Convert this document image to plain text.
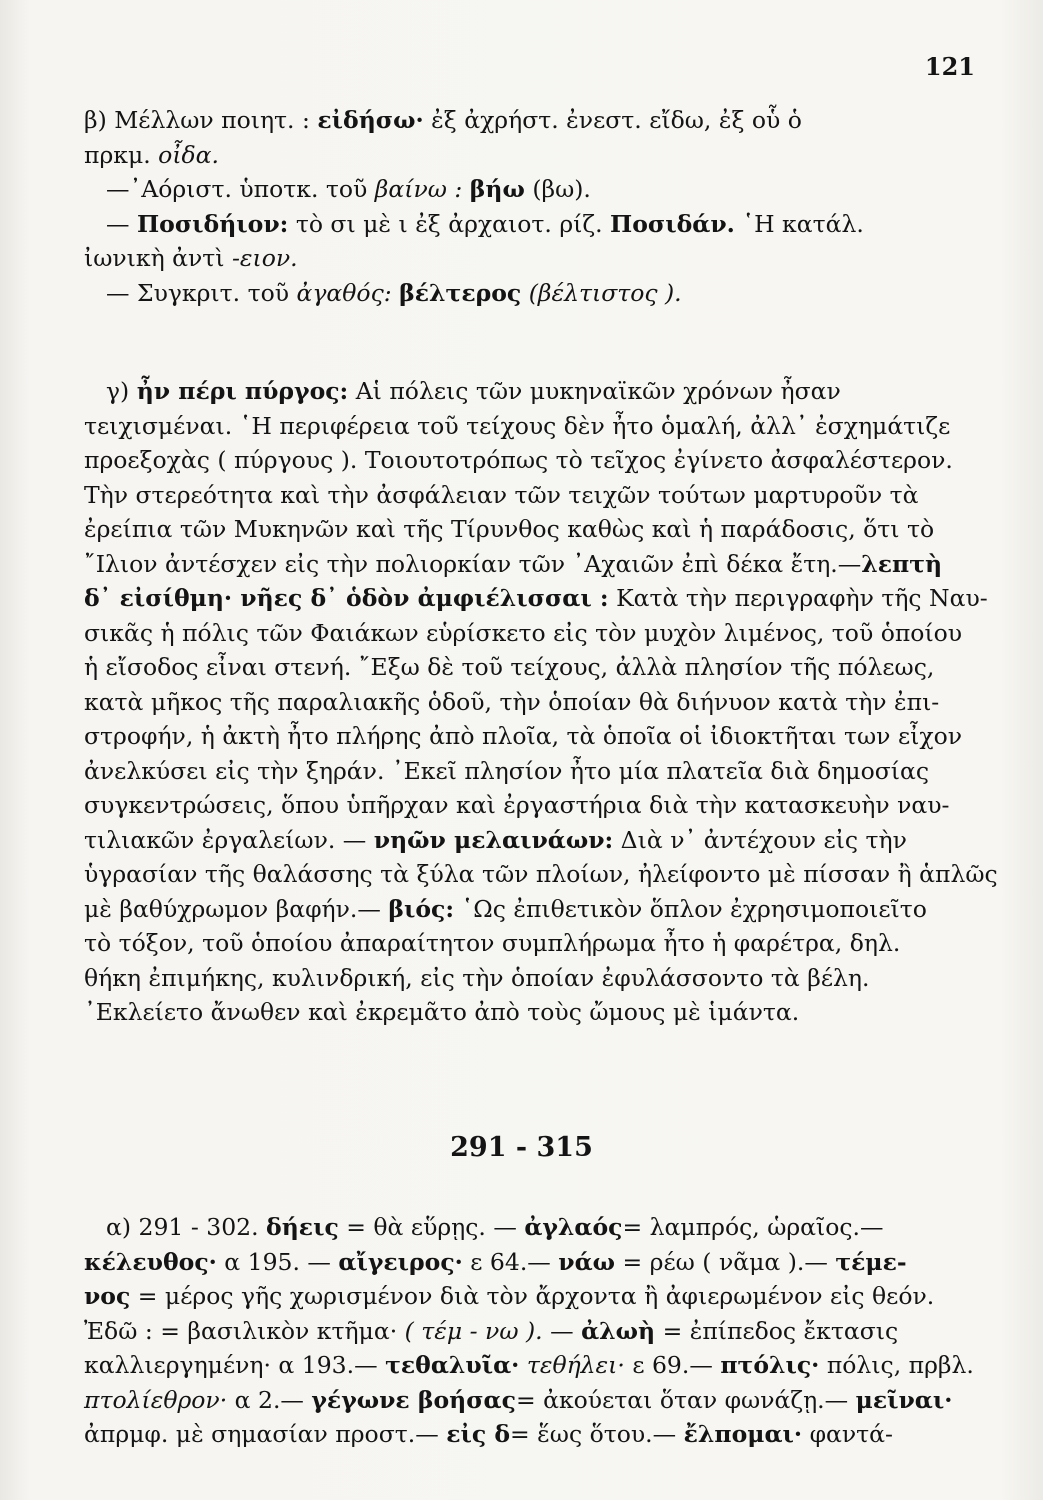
121
β) Μέλλων ποιητ. : εἰδήσω· ἐξ ἀχρήστ. ἐνεστ. εἴδω, ἐξ οὗ ὁ
πρκμ. οἶδα.
—᾿Αόριστ. ὑποτκ. τοῦ βαίνω : βήω (βω).
— Ποσιδήιον: τὸ σι μὲ ι ἐξ ἀρχαιοτ. ρίζ. Ποσιδάν. ῾Η κατάλ.
ἰωνικὴ ἀντὶ -ειον.
— Συγκριτ. τοῦ ἀγαθός: βέλτερος (βέλτιστος ).
γ) ἦν πέρι πύργος: Αἱ πόλεις τῶν μυκηναϊκῶν χρόνων ἦσαν
τειχισμέναι. ῾Η περιφέρεια τοῦ τείχους δὲν ἦτο ὁμαλή, ἀλλ᾿ ἐσχημάτιζε
προεξοχὰς ( πύργους ). Τοιουτοτρόπως τὸ τεῖχος ἐγίνετο ἀσφαλέστερον.
Τὴν στερεότητα καὶ τὴν ἀσφάλειαν τῶν τειχῶν τούτων μαρτυροῦν τὰ
ἐρείπια τῶν Μυκηνῶν καὶ τῆς Τίρυνθος καθὼς καὶ ἡ παράδοσις, ὅτι τὸ
῎Ιλιον ἀντέσχεν εἰς τὴν πολιορκίαν τῶν ᾿Αχαιῶν ἐπὶ δέκα ἔτη.—λεπτὴ
δ᾿ εἰσίθμη· νῆες δ᾿ ὁδὸν ἀμφιέλισσαι : Κατὰ τὴν περιγραφὴν τῆς Ναυ-
σικᾶς ἡ πόλις τῶν Φαιάκων εὑρίσκετο εἰς τὸν μυχὸν λιμένος, τοῦ ὁποίου
ἡ εἴσοδος εἶναι στενή. ῎Εξω δὲ τοῦ τείχους, ἀλλὰ πλησίον τῆς πόλεως,
κατὰ μῆκος τῆς παραλιακῆς ὁδοῦ, τὴν ὁποίαν θὰ διήνυον κατὰ τὴν ἐπι-
στροφήν, ἡ ἀκτὴ ἦτο πλήρης ἀπὸ πλοῖα, τὰ ὁποῖα οἱ ἰδιοκτῆται των εἶχον
ἀνελκύσει εἰς τὴν ξηράν. ᾿Εκεῖ πλησίον ἦτο μία πλατεῖα διὰ δημοσίας
συγκεντρώσεις, ὅπου ὑπῆρχαν καὶ ἐργαστήρια διὰ τὴν κατασκευὴν ναυ-
τιλιακῶν ἐργαλείων. — νηῶν μελαινάων: Διὰ ν᾿ ἀντέχουν εἰς τὴν
ὑγρασίαν τῆς θαλάσσης τὰ ξύλα τῶν πλοίων, ἠλείφοντο μὲ πίσσαν ἢ ἁπλῶς
μὲ βαθύχρωμον βαφήν.— βιός: ῾Ως ἐπιθετικὸν ὅπλον ἐχρησιμοποιεῖτο
τὸ τόξον, τοῦ ὁποίου ἀπαραίτητον συμπλήρωμα ἦτο ἡ φαρέτρα, δηλ.
θήκη ἐπιμήκης, κυλινδρική, εἰς τὴν ὁποίαν ἐφυλάσσοντο τὰ βέλη.
᾿Εκλείετο ἄνωθεν καὶ ἐκρεμᾶτο ἀπὸ τοὺς ὤμους μὲ ἱμάντα.
291 - 315
α) 291 - 302. δήεις = θὰ εὕρῃς. — ἀγλαός= λαμπρός, ὡραῖος.—
κέλευθος· α 195. — αἴγειρος· ε 64.— νάω = ρέω ( νᾶμα ).— τέμε-
νος = μέρος γῆς χωρισμένον διὰ τὸν ἄρχοντα ἢ ἀφιερωμένον εἰς θεόν.
Ἐδῶ : = βασιλικὸν κτῆμα· ( τέμ - νω ). — ἀλωὴ = ἐπίπεδος ἔκτασις
καλλιεργημένη· α 193.— τεθαλυῖα· τεθήλει· ε 69.— πτόλις· πόλις, πρβλ.
πτολίεθρον· α 2.— γέγωνε βοήσας= ἀκούεται ὅταν φωνάζῃ.— μεῖναι·
ἀπρμφ. μὲ σημασίαν προστ.— εἰς δ= ἕως ὅτου.— ἔλπομαι· φαντά-
